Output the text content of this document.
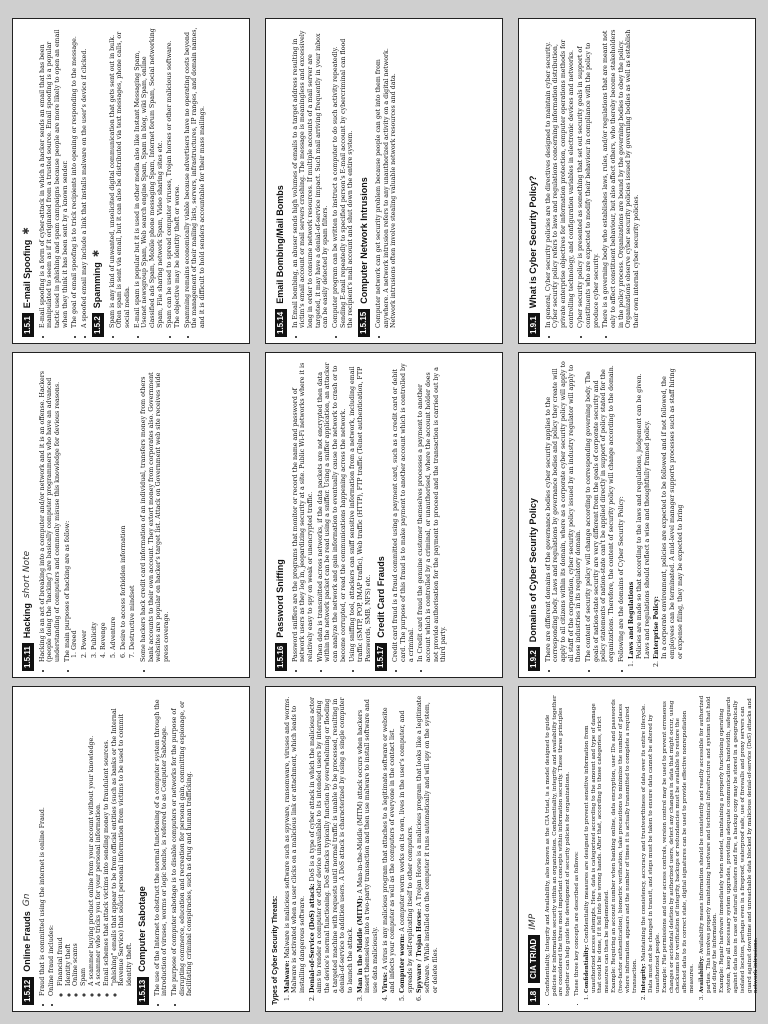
1.5.1
E-mail Spoofing
✱ • E-mail spoofing is a form of cyber-attack in which a hacker sends an email that has been manipulated to seem as if it originated from a trusted source. Email spoofing is a popular tactic used in phishing and spam campaigns because people are more likely to open an email when they think it has been sent by a known sender. • The goal of email spoofing is to trick recipients into opening or responding to the message. • A spoofed email may include a link that installs malware on the user's device if clicked. 1.5.2
Spamming
✱ • Spam is any kind of unwanted, unsolicited digital communication that gets sent out in bulk. Often spam is sent via email, but it can also be distributed via text messages, phone calls, or social media. • E-mail spam is popular but it is used in other media also like Instant Messaging Spam, Usenet newsgroup Spam, Web search engine Spam, Spam in blog, wiki Spam, online classified ads Spam, Mobile phone messaging Spam, Internet forum Spam, Social networking Spam, File sharing network Spam, Video sharing sites etc. • Spam can be used to spread computer viruses, Trojan horses or other malicious software. The objective may be identity theft or worse. • Spamming remains economically viable because advertisers have no operating costs beyond the management of their mailing lists, servers, infrastructures, IP ranges, and domain names, and it is difficult to hold senders accountable for their mass mailings.	1.5.14
Email Bombing/Mail Bombs • In Email bombing, an abuser sends high volumes of emails to a target address resulting in victim's email account or mail servers crashing. The message is meaningless and excessively long in order to consume network resources. If multiple accounts of a mail server are targeted, it may have a denial-of-service impact. Such mail arriving frequently in your inbox can be easily detected by spam filters. • Computer program can be written to instruct a computer to do such activity repeatedly. Sending E-mail repeatedly to specified person's E-mail account by cybercriminal can flood the recipient's mail account and shut down the entire system. 1.5.15
Computer Network Intrusions • Computer network can get security problem because people can get into them from anywhere. A network intrusion refers to any unauthorized activity on a digital network. Network intrusions often involve stealing valuable network resources and data.	1.9.1
What is Cyber Security Policy? • In general, Cyber security policies are the directives designed to maintain cyber security. Cyber security policy refers to laws and regulations concerning information distribution, private enterprise objectives for information protection, computer operations methods for controlling technology, and configuration variables in electronic devices and networks. • Cyber security policy is presented as something that set out security goals in support of constituents who are expected to modify their behaviour in compliance with the policy to produce cyber security. • There is a governing body who establishes laws, rules, and/or regulations that are meant not only to affect constituent behaviour, but also affect others, who thereby become stakeholders in the policy process. Organizations are bound by the governing bodies to obey the policy. Organizations observe cyber security policies issued by governing bodies as well as establish their own internal cyber security policies.
1.5.11
Hacking
short Note • Hacking is an act of breaking into a computer and/or network and it is an offense. Hackers (people doing the 'hacking') are basically computer programmers who have an advanced understanding of computers and commonly misuse this knowledge for devious reasons. • The main purposes of hacking are as follow: 1. Greed 2. Power 3. Publicity 4. Revenge 5. Adventure 6. Desire to access forbidden information 7. Destructive mindset • Some hackers hack credit card information of an individual, transfers money from others bank accounts to their own account. They extort money from corporates also. Government websites are popular on hacker's target list. Attack on Government web site receives wide press coverage.	1.5.16
Password Sniffing • Password sniffers are the programs that monitor or record the name and password of network users as they log in, jeopardizing security at a site. Public Wi-Fi networks where it is relatively easy to spy on weak or unencrypted traffic. • When data is transmitted across networks, if the data packets are not encrypted then data within the network packet can be read using a sniffer. Using a sniffer application, an attacker can analyze the network and gain information to eventually cause the network to crash or to become corrupted, or read the communications happening across the network. • Using sniffing tool, attackers can sniff sensitive information from a network, including email traffic (SMTP, POP, IMAP traffic), Web traffic (HTTP), FTP traffic (Telnet authentication, FTP Passwords, SMB, NFS) etc. 1.5.17
Credit Card Frauds • Credit card fraud is a fraud committed using a payment card, such as a credit card or debit card. The purpose of this fraud is to make payment to another account which is controlled by a criminal. • In Credit card fraud the genuine customer themselves processes a payment to another account which is controlled by a criminal, or unauthorised, where the account holder does not provide authorisation for the payment to proceed and the transaction is carried out by a third party.	1.9.2
Domains of Cyber Security Policy • There are different domains of the governance bodies cyber security applies to the corresponding body. Laws and regulations by governance bodies and policy they create will apply to all citizens within its domain, where as a corporate cyber security policy will apply to all staff of the corporation, cyber security policy issued by an industry regulator will apply to those industries in its regulatory domain. • The content of security policy will change according to corresponding governing body. The goals of nation-state security are very different from the goals of corporate security and policy statements of nation-state can't be applied directly in support of policy stated for the organizations. Therefore, the content of security policy will change according to the domain. • Following are the domains of Cyber Security Policy: 1. Laws and Regulations
Policies are made so that according to the laws and regulations, judgement can be given. Laws and regulations should reflect a wise and thoughtfully framed policy. 2. Enterprise Policy:
In a corporate environment, policies are expected to be followed and if not followed, the employees can be terminated. A mid-level manager supports processes such as staff hiring or expense filing, they may be expected to bring
1.5.12
Online Frauds
Gn • Fraud that is committed using the internet is online Fraud. • Online fraud includes: ◦ Financial fraud ◦ Identity theft ◦ Online scams ◦ Spam ◦ A scammer buying product online from your account without your knowledge. ◦ A scammer who tricks you for your personal information. ◦ Email schemes that attack victims into sending money to fraudulent sources. ◦ "phishing" emails that appear to be from official entities (such as banks or the Internal Revenue Service) that solicit personal information from victims to be used to commit identity theft.
1.5.13
Computer Sabotage • The use of the Internet to obstruct the normal functioning of a computer system through the introduction of viruses, worms or logic bombs, is referred to as Computer Sabotage. • The purpose of computer sabotage is to disable computers or networks for the purpose of disrupting commerce, education and recreation for personal gain, committing espionage, or facilitating criminal conspiracies, such as drug and human trafficking.	Types of Cyber Security Threats: 1. Malware: Malware is malicious software such as spyware, ransomware, viruses and worms. Malware is activated when a user clicks on a malicious link or attachment, which leads to installing dangerous software. 2. Denial-of-Service (DoS) attack: DoS is a type of cyber attack in which the malicious actor aims to render a computer or other device unavailable to its intended users by interrupting the device's normal functioning. DoS attacks typically function by overwhelming or flooding a targeted machine with requests until normal traffic is unable to be processed, resulting in denial-of-service to addition users. A DoS attack is characterized by using a single computer to launch the attack. 3. Man in the Middle (MITM): A Man-in-the-Middle (MITM) attack occurs when hackers insert themselves into a two-party transaction and then use malware to install software and use data maliciously. 4. Virus: A virus is any malicious program that attaches to a legitimate software or website and infects your computer as well as the computers of everyone in the contact list. 5. Computer worm: A computer worm works on its own, lives in the user's computer, and spreads by self-replicating itself to other computers. 6. Spyware / Trojan Horse: A Trojan Horse is a malicious program that looks like a legitimate software. While installed on the computer it runs automatically and will spy on the system, or delete files.
1.8
CIA TRIAD
IMP • Confidentiality, Integrity and Availability, also known as the CIA triad, is a model designed to guide policies for information security within an organization. Confidentiality, integrity and availability together are considered the three most important concepts within information security. These three principles together can help guide the development of security policies for organizations. • These three key concepts are described as follows: 1. Confidentiality: Confidentiality measures are designed to prevent sensitive information from unauthorized access attempts. Here, data is categorized according to the amount and type of damage that could be done, if it fell into the wrong hands. After that, according to those categories, strict measures can then be implemented. Example: Requiring an account number when banking online, data encryption, user IDs and passwords (two-factor authentication), biometric verification, take precautions to minimize the number of places where information appears and the number of times it is actually transmitted to complete a required transaction. 2. Integrity: Maintaining the consistency, accuracy and trustworthiness of data over its entire lifecycle. Data must not be changed in transit, and steps must be taken to ensure data cannot be altered by unauthorized people. Example: File permissions and user access controls, version control may be used to prevent erroneous changes or accidental deletion by authorized users, detect any changes in data that might occur, using checksums for verification of integrity, backups or redundancies must be available to restore the affected data to its correct state, digital signatures can be used to provide effective nonrepudiation measures. 3. Availability: Availability means information should be consistently and readily accessible for authorized parties. This involves properly maintaining hardware and technical infrastructure and systems that hold and display the information. Example: Repair hardware immediately when needed, maintaining a properly functioning operating system, keep all necessary system upgrades, providing adequate communication bandwidth, safeguards against data loss in case of natural disasters and fire, a backup copy may be stored in a geographically isolated location, perhaps even in a fireproof, waterproof safe, use of firewalls and proxy servers can guard against downtime and unreachable data blocked by malicious denial-of-service (DoS) attacks and network intrusions.
